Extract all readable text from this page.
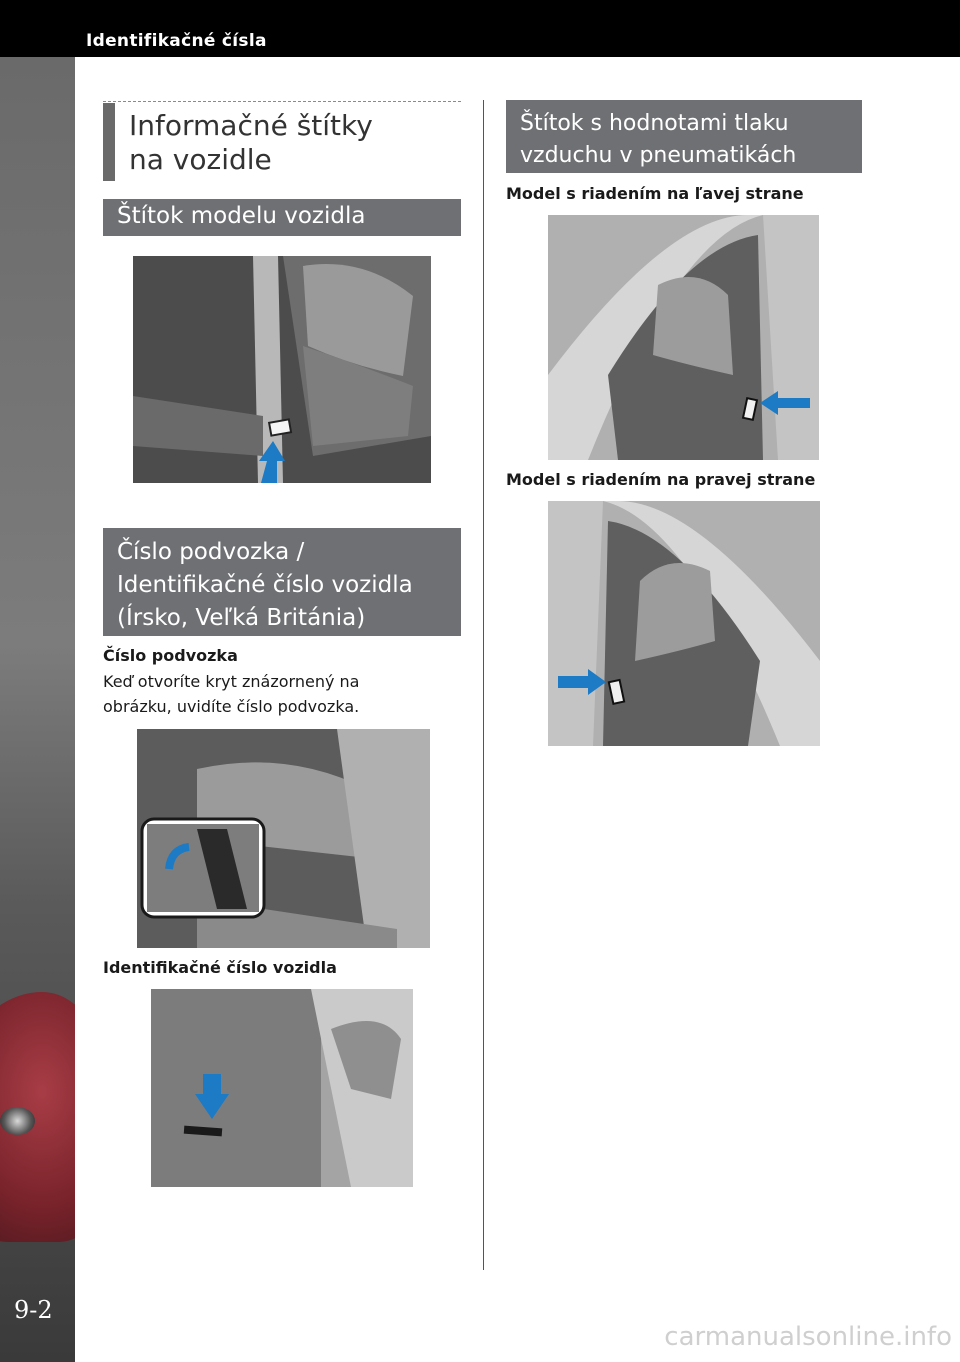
Identifikačné čísla
9-2
Informačné štítky
na vozidle
Štítok modelu vozidla
Číslo podvozka /
Identifikačné číslo vozidla
(Írsko, Veľká Británia)
Číslo podvozka
Keď otvoríte kryt znázornený na
obrázku, uvidíte číslo podvozka.
Identifikačné číslo vozidla
Štítok s hodnotami tlaku
vzduchu v pneumatikách
Model s riadením na ľavej strane
Model s riadením na pravej strane
carmanualsonline.info
